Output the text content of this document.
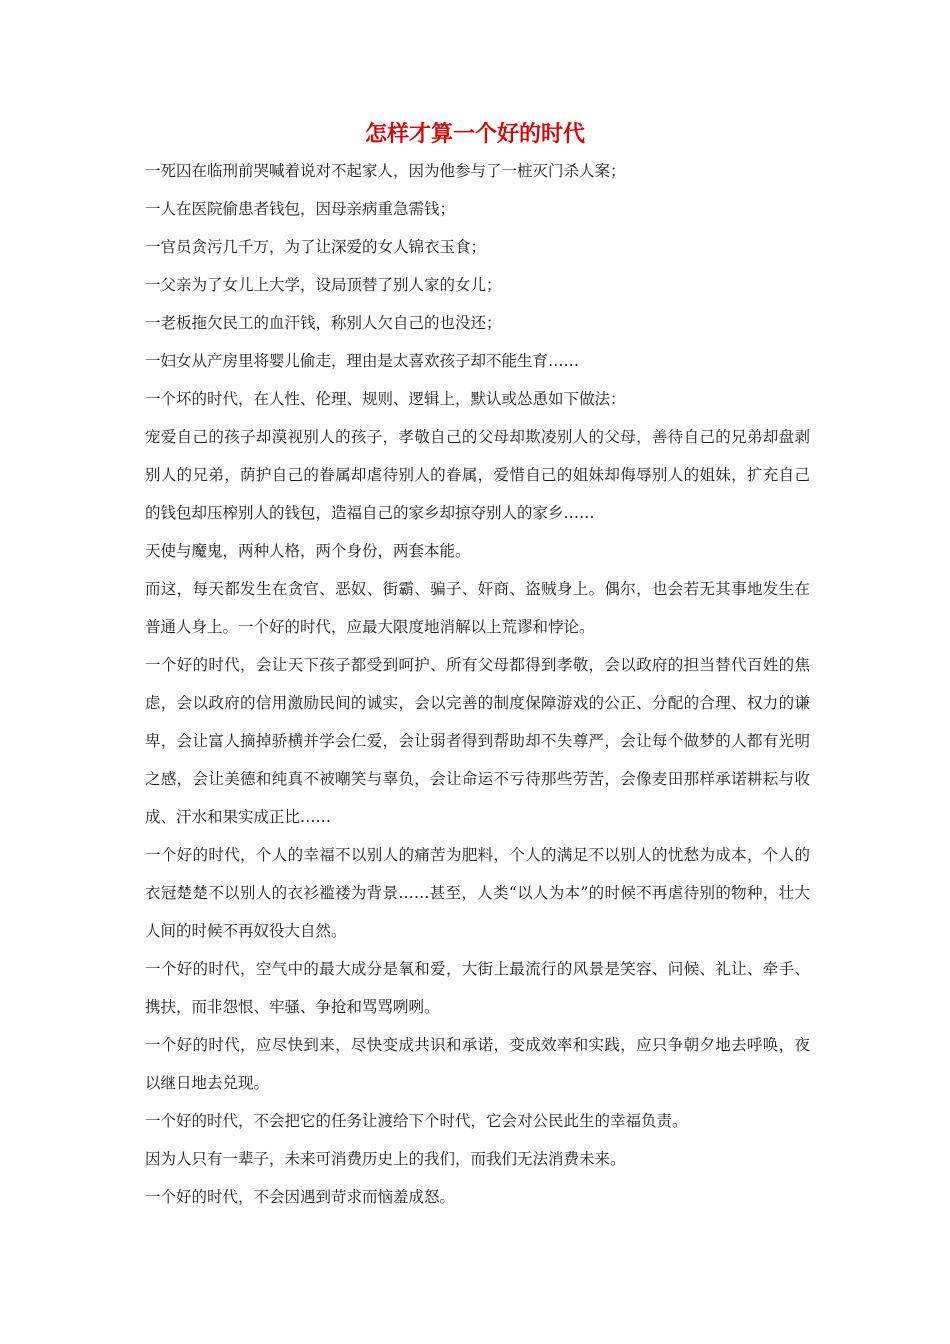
怎样才算一个好的时代

一死囚在临刑前哭喊着说对不起家人，因为他参与了一桩灭门杀人案；

一人在医院偷患者钱包，因母亲病重急需钱；

一官员贪污几千万，为了让深爱的女人锦衣玉食；

一父亲为了女儿上大学，设局顶替了别人家的女儿；

一老板拖欠民工的血汗钱，称别人欠自己的也没还；

一妇女从产房里将婴儿偷走，理由是太喜欢孩子却不能生育……

一个坏的时代，在人性、伦理、规则、逻辑上，默认或怂恿如下做法：

宠爱自己的孩子却漠视别人的孩子，孝敬自己的父母却欺凌别人的父母，善待自己的兄弟却盘剥别人的兄弟，荫护自己的眷属却虐待别人的眷属，爱惜自己的姐妹却侮辱别人的姐妹，扩充自己的钱包却压榨别人的钱包，造福自己的家乡却掠夺别人的家乡……

天使与魔鬼，两种人格，两个身份，两套本能。

而这，每天都发生在贪官、恶奴、街霸、骗子、奸商、盗贼身上。偶尔，也会若无其事地发生在普通人身上。一个好的时代，应最大限度地消解以上荒谬和悖论。

一个好的时代，会让天下孩子都受到呵护、所有父母都得到孝敬，会以政府的担当替代百姓的焦虑，会以政府的信用激励民间的诚实，会以完善的制度保障游戏的公正、分配的合理、权力的谦卑，会让富人摘掉骄横并学会仁爱，会让弱者得到帮助却不失尊严，会让每个做梦的人都有光明之感，会让美德和纯真不被嘲笑与辜负，会让命运不亏待那些劳苦，会像麦田那样承诺耕耘与收成、汗水和果实成正比……

一个好的时代，个人的幸福不以别人的痛苦为肥料，个人的满足不以别人的忧愁为成本，个人的衣冠楚楚不以别人的衣衫褴褛为背景……甚至，人类“以人为本”的时候不再虐待别的物种，壮大人间的时候不再奴役大自然。

一个好的时代，空气中的最大成分是氧和爱，大街上最流行的风景是笑容、问候、礼让、牵手、携扶，而非怨恨、牢骚、争抢和骂骂咧咧。

一个好的时代，应尽快到来，尽快变成共识和承诺，变成效率和实践，应只争朝夕地去呼唤，夜以继日地去兑现。

一个好的时代，不会把它的任务让渡给下个时代，它会对公民此生的幸福负责。

因为人只有一辈子，未来可消费历史上的我们，而我们无法消费未来。

一个好的时代，不会因遇到苛求而恼羞成怒。
